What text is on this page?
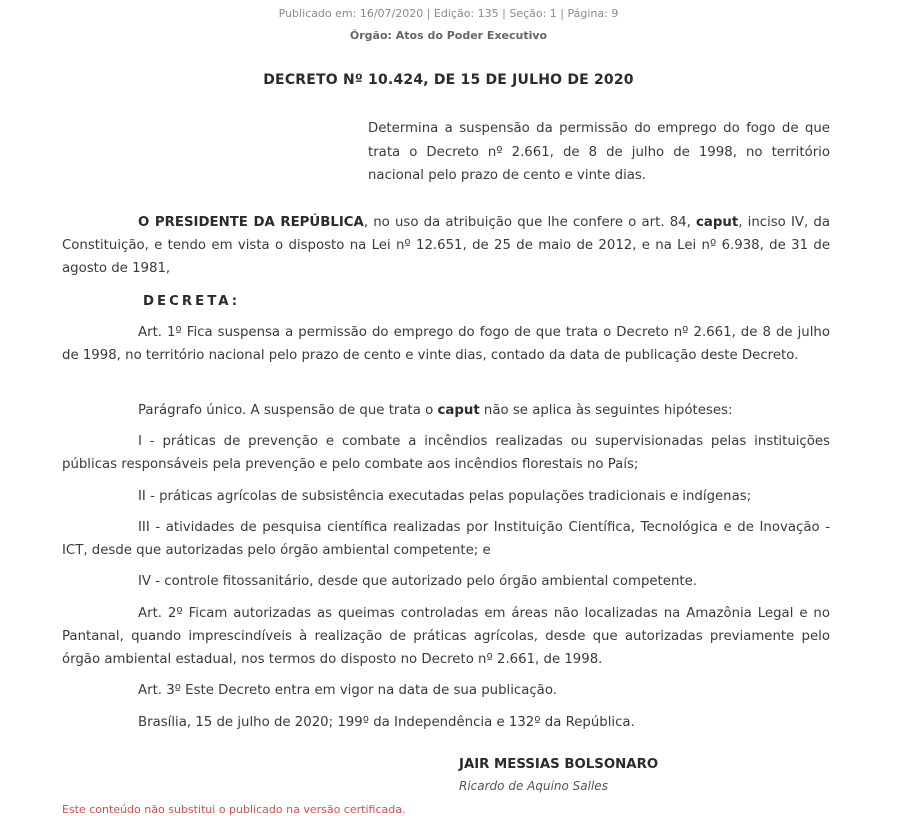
Publicado em: 16/07/2020 | Edição: 135 | Seção: 1 | Página: 9
Órgão: Atos do Poder Executivo
DECRETO Nº 10.424, DE 15 DE JULHO DE 2020
Determina a suspensão da permissão do emprego do fogo de que trata o Decreto nº 2.661, de 8 de julho de 1998, no território nacional pelo prazo de cento e vinte dias.
O PRESIDENTE DA REPÚBLICA, no uso da atribuição que lhe confere o art. 84, caput, inciso IV, da Constituição, e tendo em vista o disposto na Lei nº 12.651, de 25 de maio de 2012, e na Lei nº 6.938, de 31 de agosto de 1981,
DECRETA:
Art. 1º Fica suspensa a permissão do emprego do fogo de que trata o Decreto nº 2.661, de 8 de julho de 1998, no território nacional pelo prazo de cento e vinte dias, contado da data de publicação deste Decreto.
Parágrafo único. A suspensão de que trata o caput não se aplica às seguintes hipóteses:
I - práticas de prevenção e combate a incêndios realizadas ou supervisionadas pelas instituições públicas responsáveis pela prevenção e pelo combate aos incêndios florestais no País;
II - práticas agrícolas de subsistência executadas pelas populações tradicionais e indígenas;
III - atividades de pesquisa científica realizadas por Instituição Científica, Tecnológica e de Inovação - ICT, desde que autorizadas pelo órgão ambiental competente; e
IV - controle fitossanitário, desde que autorizado pelo órgão ambiental competente.
Art. 2º Ficam autorizadas as queimas controladas em áreas não localizadas na Amazônia Legal e no Pantanal, quando imprescindíveis à realização de práticas agrícolas, desde que autorizadas previamente pelo órgão ambiental estadual, nos termos do disposto no Decreto nº 2.661, de 1998.
Art. 3º Este Decreto entra em vigor na data de sua publicação.
Brasília, 15 de julho de 2020; 199º da Independência e 132º da República.
JAIR MESSIAS BOLSONARO
Ricardo de Aquino Salles
Este conteúdo não substitui o publicado na versão certificada.
